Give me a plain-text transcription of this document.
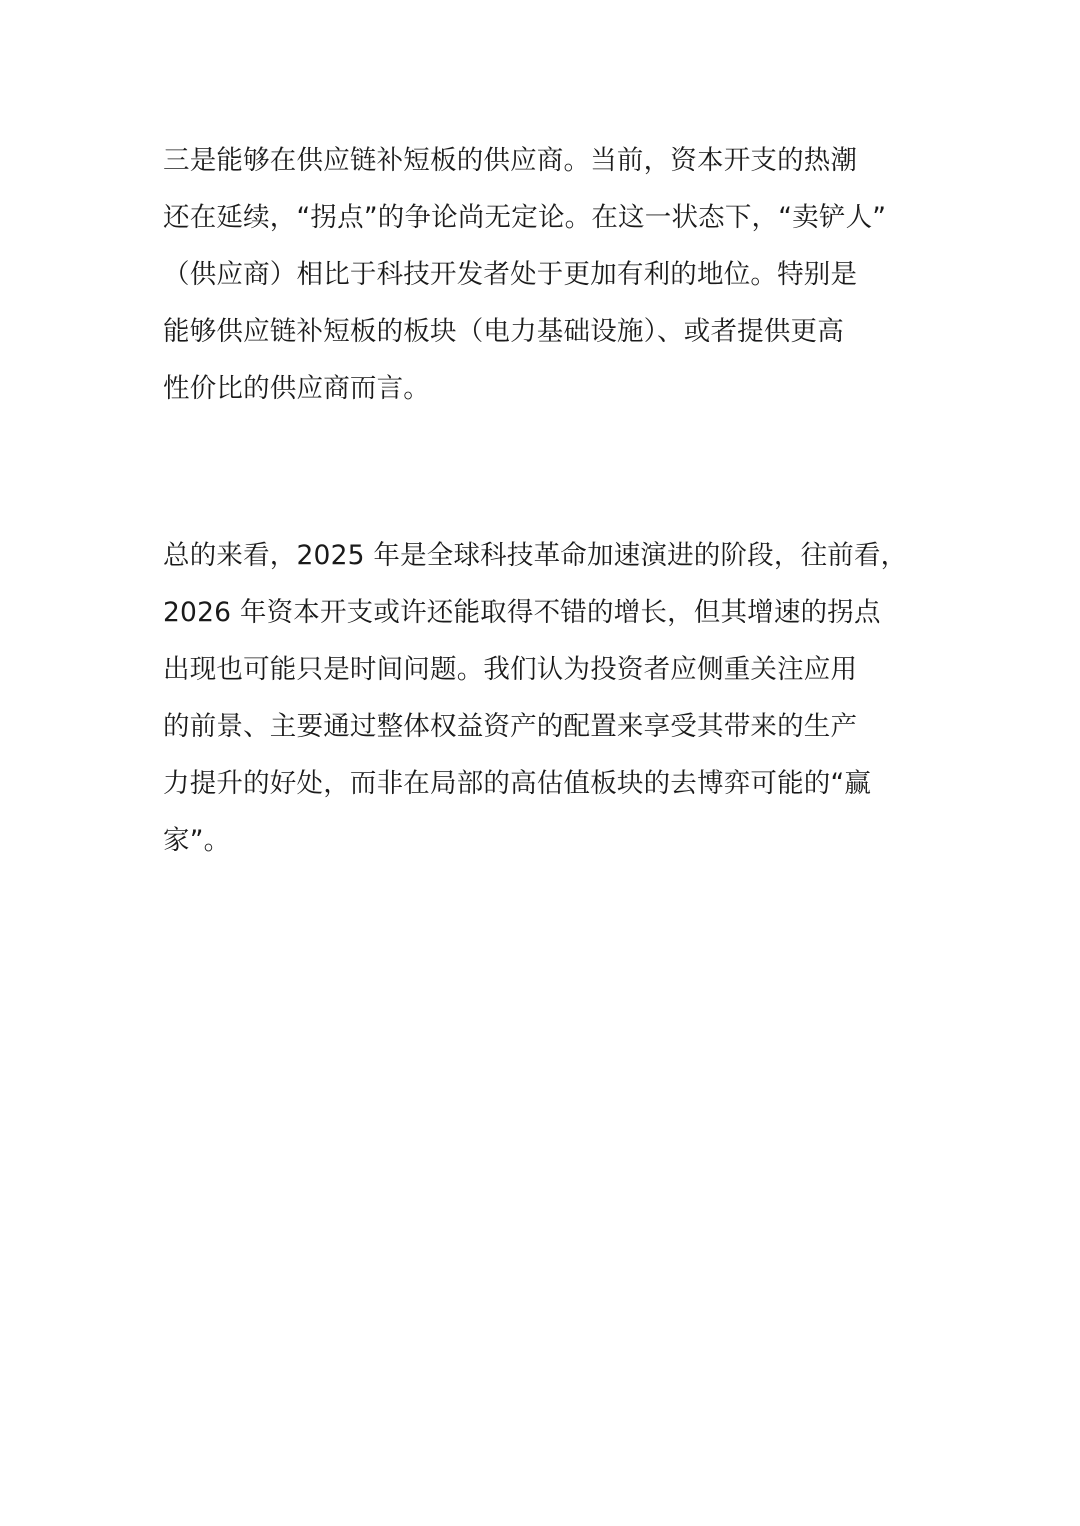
三是能够在供应链补短板的供应商。当前，资本开支的热潮
还在延续，“拐点”的争论尚无定论。在这一状态下，“卖铲人”
（供应商）相比于科技开发者处于更加有利的地位。特别是
能够供应链补短板的板块（电力基础设施）、或者提供更高
性价比的供应商而言。
总的来看，2025 年是全球科技革命加速演进的阶段，往前看，
2026 年资本开支或许还能取得不错的增长，但其增速的拐点
出现也可能只是时间问题。我们认为投资者应侧重关注应用
的前景、主要通过整体权益资产的配置来享受其带来的生产
力提升的好处，而非在局部的高估值板块的去博弈可能的“赢
家”。
